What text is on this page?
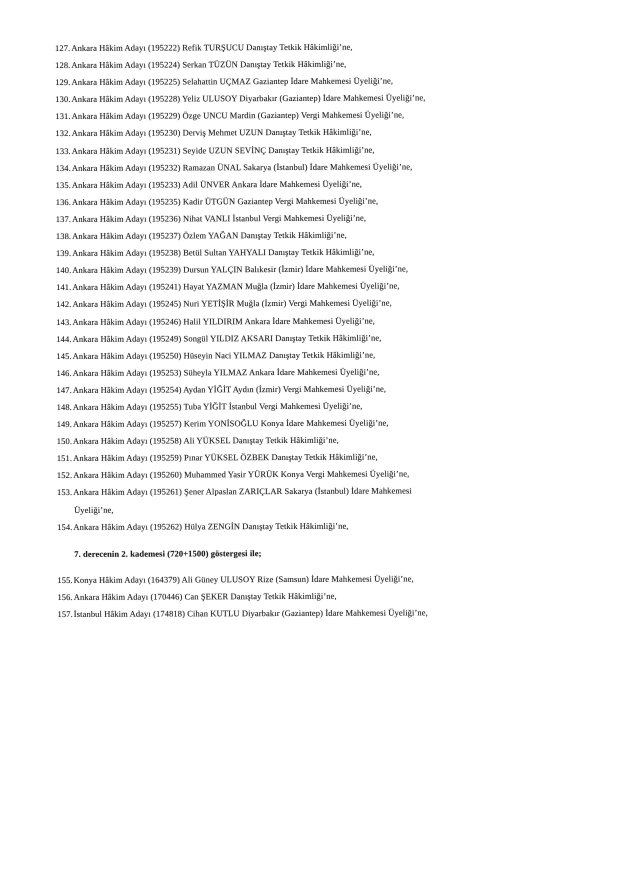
127.Ankara Hâkim Adayı (195222) Refik TURŞUCU Danıştay Tetkik Hâkimliği’ne,
128.Ankara Hâkim Adayı (195224) Serkan TÜZÜN Danıştay Tetkik Hâkimliği’ne,
129.Ankara Hâkim Adayı (195225) Selahattin UÇMAZ Gaziantep İdare Mahkemesi Üyeliği’ne,
130.Ankara Hâkim Adayı (195228) Yeliz ULUSOY Diyarbakır (Gaziantep) İdare Mahkemesi Üyeliği’ne,
131.Ankara Hâkim Adayı (195229) Özge UNCU Mardin (Gaziantep) Vergi Mahkemesi Üyeliği’ne,
132.Ankara Hâkim Adayı (195230) Derviş Mehmet UZUN Danıştay Tetkik Hâkimliği’ne,
133.Ankara Hâkim Adayı (195231) Seyide UZUN SEVİNÇ Danıştay Tetkik Hâkimliği’ne,
134.Ankara Hâkim Adayı (195232) Ramazan ÜNAL Sakarya (İstanbul) İdare Mahkemesi Üyeliği’ne,
135.Ankara Hâkim Adayı (195233) Adil ÜNVER Ankara İdare Mahkemesi Üyeliği’ne,
136.Ankara Hâkim Adayı (195235) Kadir ÜTGÜN Gaziantep Vergi Mahkemesi Üyeliği’ne,
137.Ankara Hâkim Adayı (195236) Nihat VANLI İstanbul Vergi Mahkemesi Üyeliği’ne,
138.Ankara Hâkim Adayı (195237) Özlem YAĞAN Danıştay Tetkik Hâkimliği’ne,
139.Ankara Hâkim Adayı (195238) Betül Sultan YAHYALI Danıştay Tetkik Hâkimliği’ne,
140.Ankara Hâkim Adayı (195239) Dursun YALÇIN Balıkesir (İzmir) İdare Mahkemesi Üyeliği’ne,
141.Ankara Hâkim Adayı (195241) Hayat YAZMAN Muğla (İzmir) İdare Mahkemesi Üyeliği’ne,
142.Ankara Hâkim Adayı (195245) Nuri YETİŞİR Muğla (İzmir) Vergi Mahkemesi Üyeliği’ne,
143.Ankara Hâkim Adayı (195246) Halil YILDIRIM Ankara İdare Mahkemesi Üyeliği’ne,
144.Ankara Hâkim Adayı (195249) Songül YILDIZ AKSARI Danıştay Tetkik Hâkimliği’ne,
145.Ankara Hâkim Adayı (195250) Hüseyin Naci YILMAZ Danıştay Tetkik Hâkimliği’ne,
146.Ankara Hâkim Adayı (195253) Süheyla YILMAZ Ankara İdare Mahkemesi Üyeliği’ne,
147.Ankara Hâkim Adayı (195254) Aydan YİĞİT Aydın (İzmir) Vergi Mahkemesi Üyeliği’ne,
148.Ankara Hâkim Adayı (195255) Tuba YİĞİT İstanbul Vergi Mahkemesi Üyeliği’ne,
149.Ankara Hâkim Adayı (195257) Kerim YONİSOĞLU Konya İdare Mahkemesi Üyeliği’ne,
150.Ankara Hâkim Adayı (195258) Ali YÜKSEL Danıştay Tetkik Hâkimliği’ne,
151.Ankara Hâkim Adayı (195259) Pınar YÜKSEL ÖZBEK Danıştay Tetkik Hâkimliği’ne,
152.Ankara Hâkim Adayı (195260) Muhammed Yasir YÜRÜK Konya Vergi Mahkemesi Üyeliği’ne,
153.Ankara Hâkim Adayı (195261) Şener Alpaslan ZARIÇLAR Sakarya (İstanbul) İdare Mahkemesi
Üyeliği’ne,
154.Ankara Hâkim Adayı (195262) Hülya ZENGİN Danıştay Tetkik Hâkimliği’ne,
7. derecenin 2. kademesi (720+1500) göstergesi ile;
155.Konya Hâkim Adayı (164379) Ali Güney ULUSOY Rize (Samsun) İdare Mahkemesi Üyeliği’ne,
156.Ankara Hâkim Adayı (170446) Can ŞEKER Danıştay Tetkik Hâkimliği’ne,
157.İstanbul Hâkim Adayı (174818) Cihan KUTLU Diyarbakır (Gaziantep) İdare Mahkemesi Üyeliği’ne,
